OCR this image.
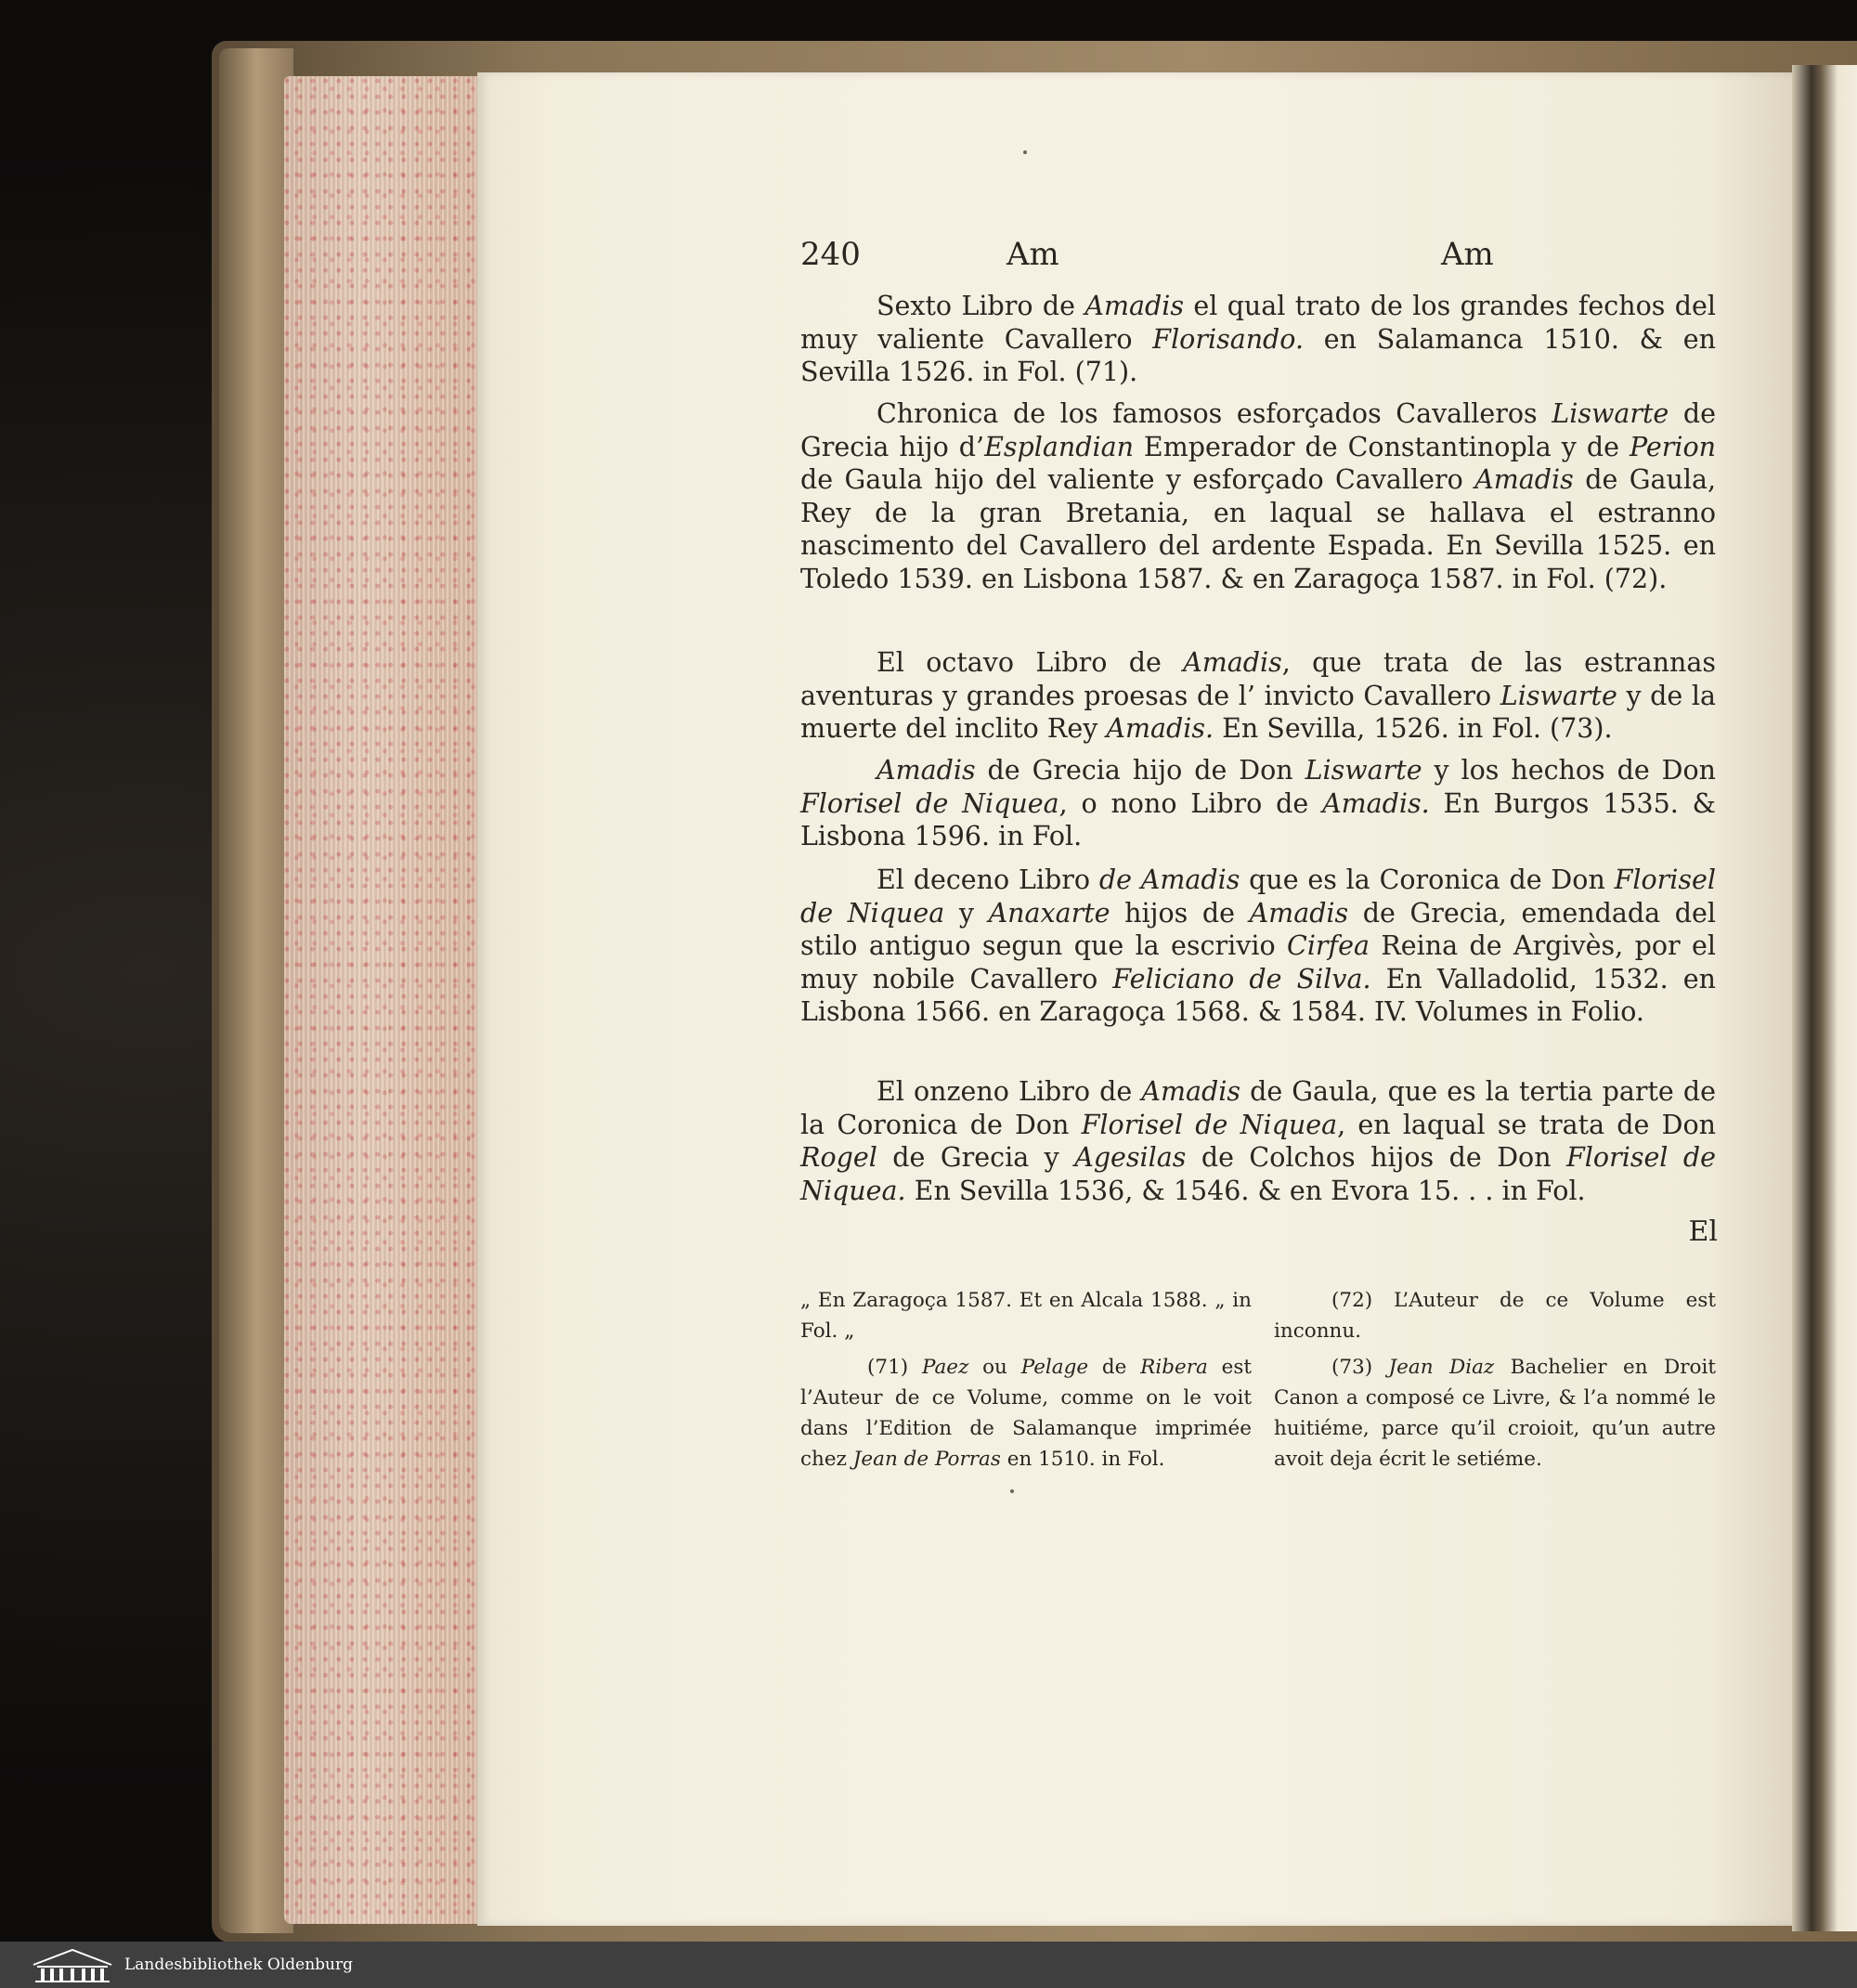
240	Am	Am

Sexto Libro de Amadis el qual trato de los grandes fechos del muy valiente Cavallero Florisando. en Salamanca 1510. & en Sevilla 1526. in Fol. (71).

Chronica de los famosos esforçados Cavalleros Liswarte de Grecia hijo d’Esplandian Emperador de Constantinopla y de Perion de Gaula hijo del valiente y esforçado Cavallero Amadis de Gaula, Rey de la gran Bretania, en laqual se hallava el estranno nascimento del Cavallero del ardente Espada. En Sevilla 1525. en Toledo 1539. en Lisbona 1587. & en Zaragoça 1587. in Fol. (72).

El octavo Libro de Amadis, que trata de las estrannas aventuras y grandes proesas de l’ invicto Cavallero Liswarte y de la muerte del inclito Rey Amadis. En Sevilla, 1526. in Fol. (73).

Amadis de Grecia hijo de Don Liswarte y los hechos de Don Florisel de Niquea, o nono Libro de Amadis. En Burgos 1535. & Lisbona 1596. in Fol.

El deceno Libro de Amadis que es la Coronica de Don Florisel de Niquea y Anaxarte hijos de Amadis de Grecia, emendada del stilo antiguo segun que la escrivio Cirfea Reina de Argivès, por el muy nobile Cavallero Feliciano de Silva. En Valladolid, 1532. en Lisbona 1566. en Zaragoça 1568. & 1584. IV. Volumes in Folio.

El onzeno Libro de Amadis de Gaula, que es la tertia parte de la Coronica de Don Florisel de Niquea, en laqual se trata de Don Rogel de Grecia y Agesilas de Colchos hijos de Don Florisel de Niquea. En Sevilla 1536, & 1546. & en Evora 15. . . in Fol.

El

„ En Zaragoça 1587. Et en Alcala 1588. „ in Fol. „

(71) Paez ou Pelage de Ribera est l’Auteur de ce Volume, comme on le voit dans l’Edition de Salamanque imprimée chez Jean de Porras en 1510. in Fol.

(72) L’Auteur de ce Volume est inconnu.

(73) Jean Diaz Bachelier en Droit Canon a composé ce Livre, & l’a nommé le huitiéme, parce qu’il croioit, qu’un autre avoit deja écrit le setiéme.

Landesbibliothek Oldenburg
